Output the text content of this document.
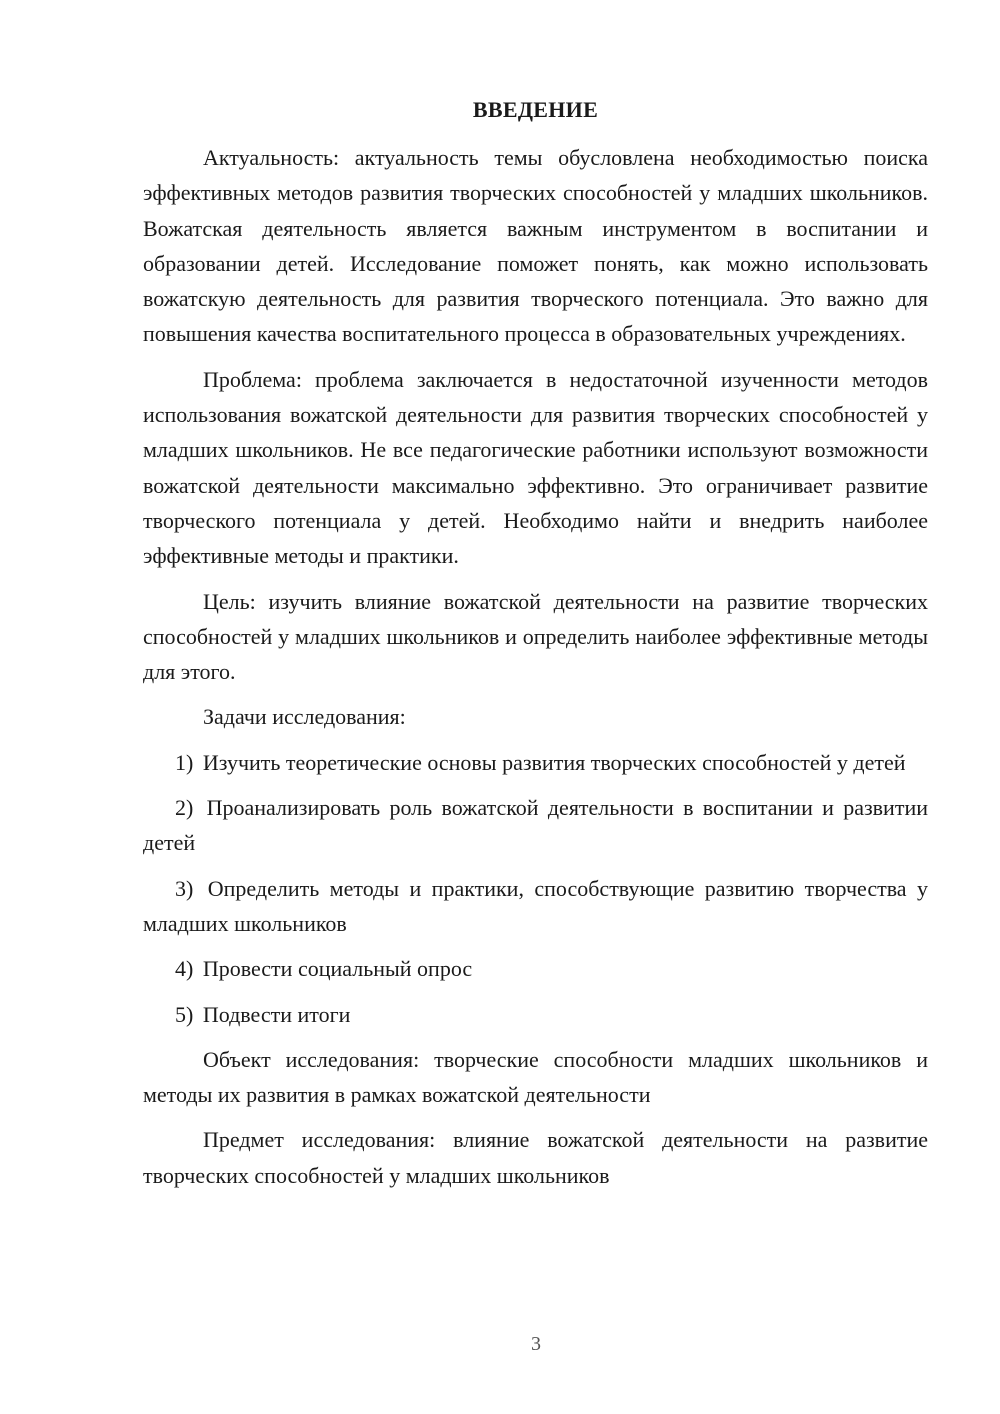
ВВЕДЕНИЕ

Актуальность: актуальность темы обусловлена необходимостью поиска эффективных методов развития творческих способностей у младших школьников. Вожатская деятельность является важным инструментом в воспитании и образовании детей. Исследование поможет понять, как можно использовать вожатскую деятельность для развития творческого потенциала. Это важно для повышения качества воспитательного процесса в образовательных учреждениях.

Проблема: проблема заключается в недостаточной изученности методов использования вожатской деятельности для развития творческих способностей у младших школьников. Не все педагогические работники используют возможности вожатской деятельности максимально эффективно. Это ограничивает развитие творческого потенциала у детей. Необходимо найти и внедрить наиболее эффективные методы и практики.

Цель: изучить влияние вожатской деятельности на развитие творческих способностей у младших школьников и определить наиболее эффективные методы для этого.

Задачи исследования:

1) Изучить теоретические основы развития творческих способностей у детей

2) Проанализировать роль вожатской деятельности в воспитании и развитии детей

3) Определить методы и практики, способствующие развитию творчества у младших школьников

4) Провести социальный опрос

5) Подвести итоги

Объект исследования: творческие способности младших школьников и методы их развития в рамках вожатской деятельности

Предмет исследования: влияние вожатской деятельности на развитие творческих способностей у младших школьников

3
